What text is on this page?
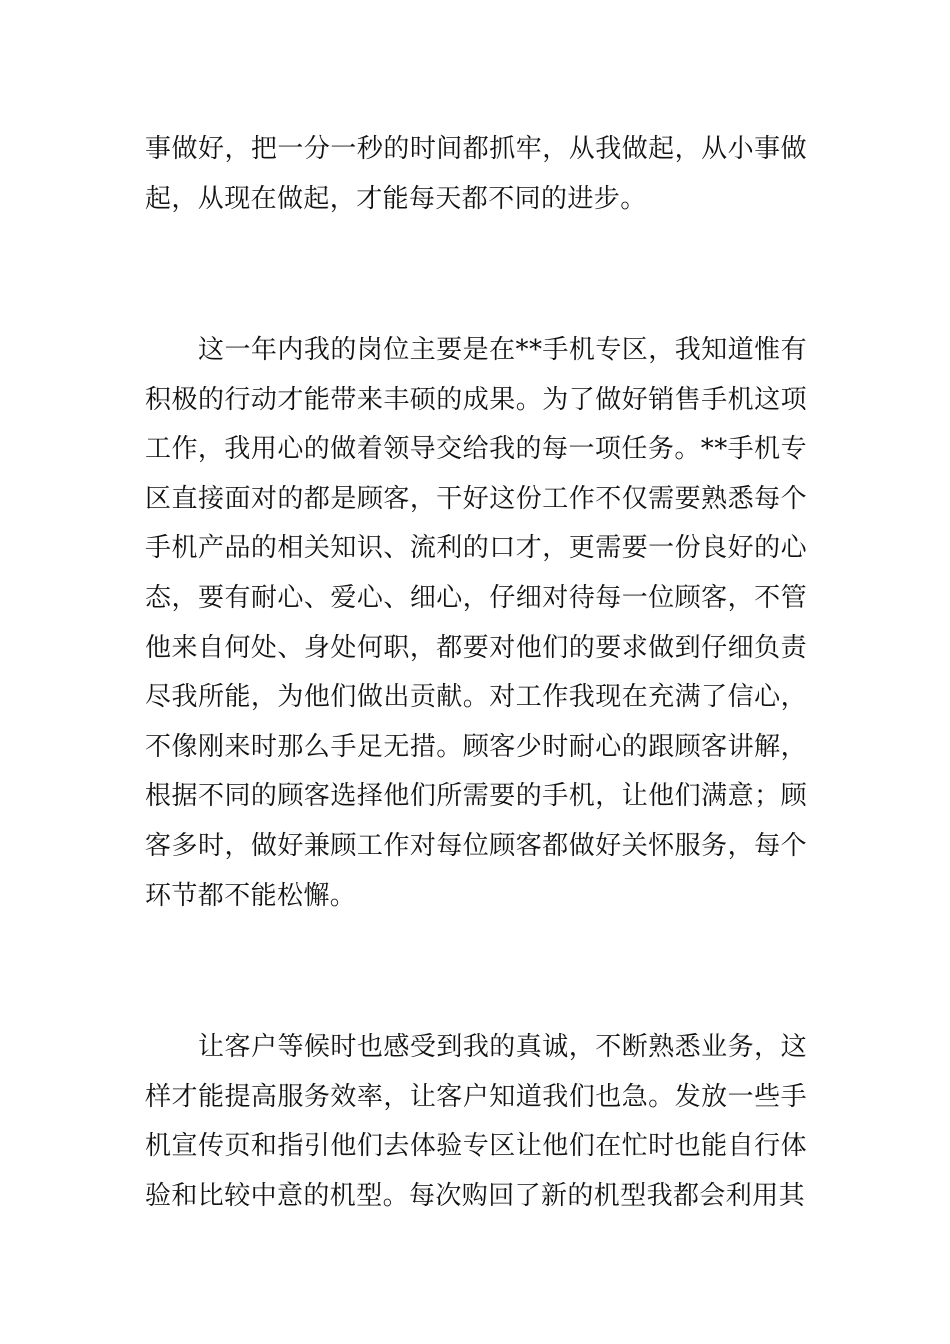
事做好，把一分一秒的时间都抓牢，从我做起，从小事做起，从现在做起，才能每天都不同的进步。

这一年内我的岗位主要是在**手机专区，我知道惟有积极的行动才能带来丰硕的成果。为了做好销售手机这项工作，我用心的做着领导交给我的每一项任务。**手机专区直接面对的都是顾客，干好这份工作不仅需要熟悉每个手机产品的相关知识、流利的口才，更需要一份良好的心态，要有耐心、爱心、细心，仔细对待每一位顾客，不管他来自何处、身处何职，都要对他们的要求做到仔细负责尽我所能，为他们做出贡献。对工作我现在充满了信心，不像刚来时那么手足无措。顾客少时耐心的跟顾客讲解，根据不同的顾客选择他们所需要的手机，让他们满意；顾客多时，做好兼顾工作对每位顾客都做好关怀服务，每个环节都不能松懈。

让客户等候时也感受到我的真诚，不断熟悉业务，这样才能提高服务效率，让客户知道我们也急。发放一些手机宣传页和指引他们去体验专区让他们在忙时也能自行体验和比较中意的机型。每次购回了新的机型我都会利用其
